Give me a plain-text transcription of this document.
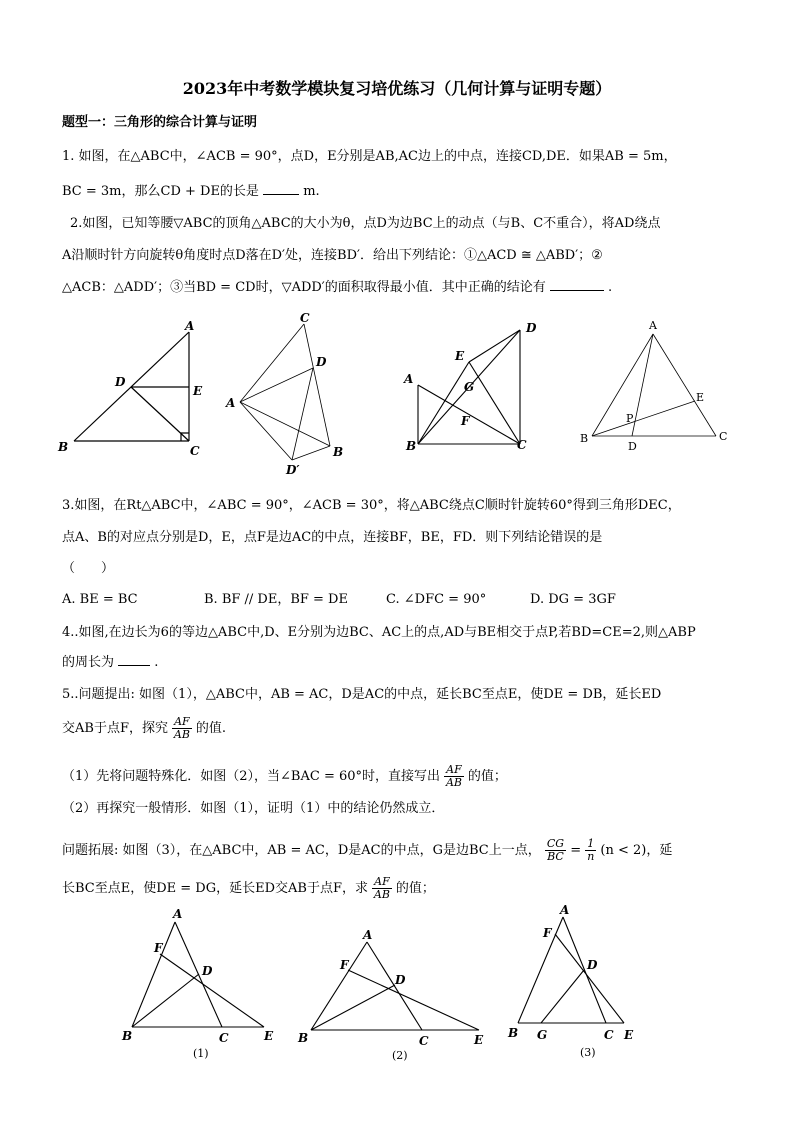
2023年中考数学模块复习培优练习（几何计算与证明专题）
题型一：三角形的综合计算与证明
1. 如图，在△ABC中，∠ACB = 90°，点D，E分别是AB,AC边上的中点，连接CD,DE．如果AB = 5m，
BC = 3m，那么CD + DE的长是	m.
2.如图，已知等腰▽ABC的顶角△ABC的大小为θ，点D为边BC上的动点（与B、C不重合），将AD绕点
A沿顺时针方向旋转θ角度时点D落在D′处，连接BD′．给出下列结论：①△ACD ≅ △ABD′；②
△ACB：△ADD′；③当BD = CD时，▽ADD′的面积取得最小值．其中正确的结论有	.
A
D
E
B	C
C
D
A
D′
B
D
E
A
G
F
B	C
A
E
P
B
D
C
3.如图，在Rt△ABC中，∠ABC = 90°，∠ACB = 30°，将△ABC绕点C顺时针旋转60°得到三角形DEC，
点A、B的对应点分别是D，E，点F是边AC的中点，连接BF，BE，FD．则下列结论错误的是
（　　）
A. BE = BC	B. BF // DE，BF = DE	C. ∠DFC = 90°	D. DG = 3GF
4..如图,在边长为6的等边△ABC中,D、E分别为边BC、AC上的点,AD与BE相交于点P,若BD=CE=2,则△ABP
的周长为	.
5..问题提出: 如图（1），△ABC中，AB = AC，D是AC的中点，延长BC至点E，使DE = DB，延长ED
交AB于点F，探究 $\frac{AF}{AB}$ 的值.
（1）先将问题特殊化．如图（2），当∠BAC = 60°时，直接写出 $\frac{AF}{AB}$ 的值；
（2）再探究一般情形．如图（1），证明（1）中的结论仍然成立．
问题拓展: 如图（3），在△ABC中，AB = AC，D是AC的中点，G是边BC上一点， $\frac{CG}{BC} = \frac{1}{n} (n < 2)$，延
长BC至点E，使DE = DG，延长ED交AB于点F，求 $\frac{AF}{AB}$ 的值；
A
F
D
B	C	E
(1)
A
F
D
B	C	E
(2)
A
F
D
B G	C E
(3)
